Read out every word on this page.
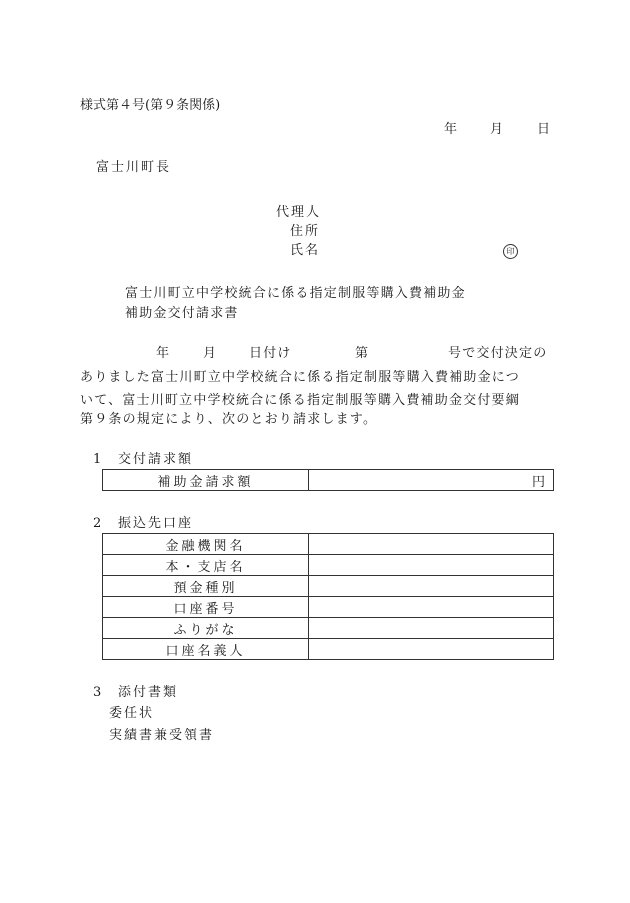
様式第４号(第９条関係)
年	月	日
富士川町長
代理人
住所
氏名	印
富士川町立中学校統合に係る指定制服等購入費補助金
補助金交付請求書
年	月	日付け	第	号で交付決定の
ありました富士川町立中学校統合に係る指定制服等購入費補助金につ
いて、富士川町立中学校統合に係る指定制服等購入費補助金交付要綱
第９条の規定により、次のとおり請求します。
1 交付請求額
補助金請求額	円
2 振込先口座
金融機関名	
本・支店名	
預金種別	
口座番号	
ふりがな	
口座名義人	
3 添付書類
委任状
実績書兼受領書
